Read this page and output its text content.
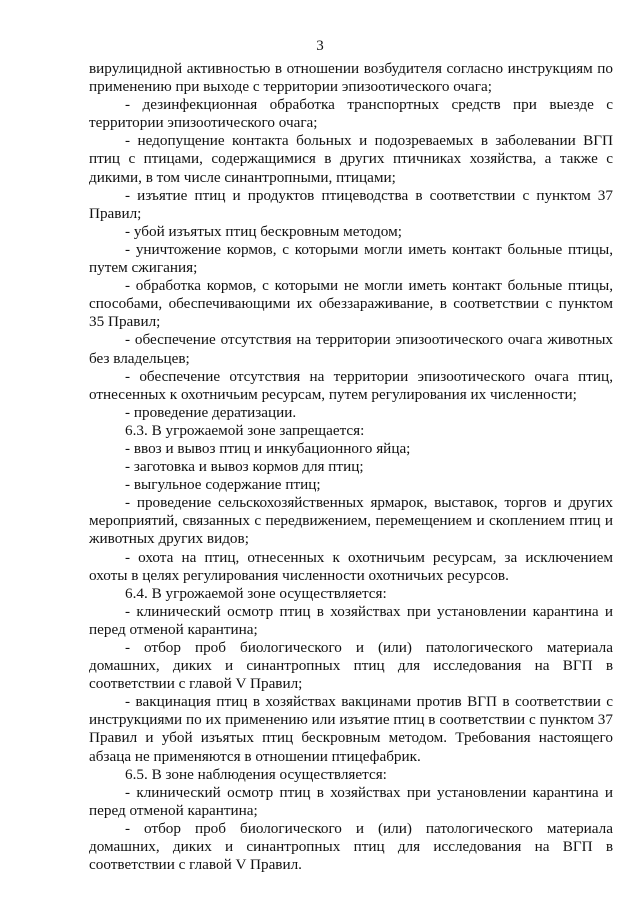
3

вирулицидной активностью в отношении возбудителя согласно инструкциям по применению при выходе с территории эпизоотического очага;

- дезинфекционная обработка транспортных средств при выезде с территории эпизоотического очага;

- недопущение контакта больных и подозреваемых в заболевании ВГП птиц с птицами, содержащимися в других птичниках хозяйства, а также с дикими, в том числе синантропными, птицами;

- изъятие птиц и продуктов птицеводства в соответствии с пунктом 37 Правил;

- убой изъятых птиц бескровным методом;

- уничтожение кормов, с которыми могли иметь контакт больные птицы, путем сжигания;

- обработка кормов, с которыми не могли иметь контакт больные птицы, способами, обеспечивающими их обеззараживание, в соответствии с пунктом 35 Правил;

- обеспечение отсутствия на территории эпизоотического очага животных без владельцев;

- обеспечение отсутствия на территории эпизоотического очага птиц, отнесенных к охотничьим ресурсам, путем регулирования их численности;

- проведение дератизации.

6.3. В угрожаемой зоне запрещается:

- ввоз и вывоз птиц и инкубационного яйца;

- заготовка и вывоз кормов для птиц;

- выгульное содержание птиц;

- проведение сельскохозяйственных ярмарок, выставок, торгов и других мероприятий, связанных с передвижением, перемещением и скоплением птиц и животных других видов;

- охота на птиц, отнесенных к охотничьим ресурсам, за исключением охоты в целях регулирования численности охотничьих ресурсов.

6.4. В угрожаемой зоне осуществляется:

- клинический осмотр птиц в хозяйствах при установлении карантина и перед отменой карантина;

- отбор проб биологического и (или) патологического материала домашних, диких и синантропных птиц для исследования на ВГП в соответствии с главой V Правил;

- вакцинация птиц в хозяйствах вакцинами против ВГП в соответствии с инструкциями по их применению или изъятие птиц в соответствии с пунктом 37 Правил и убой изъятых птиц бескровным методом. Требования настоящего абзаца не применяются в отношении птицефабрик.

6.5. В зоне наблюдения осуществляется:

- клинический осмотр птиц в хозяйствах при установлении карантина и перед отменой карантина;

- отбор проб биологического и (или) патологического материала домашних, диких и синантропных птиц для исследования на ВГП в соответствии с главой V Правил.
